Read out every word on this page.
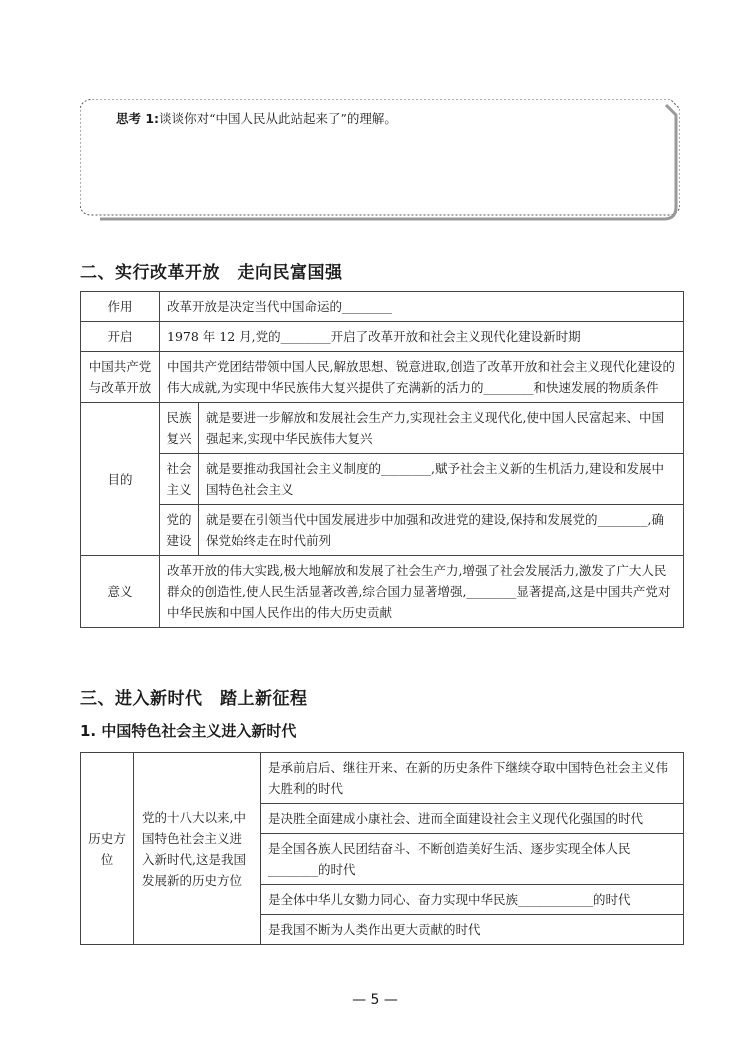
思考 1:谈谈你对“中国人民从此站起来了”的理解。
二、实行改革开放　走向民富国强
作用	改革开放是决定当代中国命运的________	
开启	1978 年 12 月,党的________开启了改革开放和社会主义现代化建设新时期	
中国共产党与改革开放	中国共产党团结带领中国人民,解放思想、锐意进取,创造了改革开放和社会主义现代化建设的伟大成就,为实现中华民族伟大复兴提供了充满新的活力的________和快速发展的物质条件	
目的	民族复兴	就是要进一步解放和发展社会生产力,实现社会主义现代化,使中国人民富起来、中国强起来,实现中华民族伟大复兴
	社会主义	就是要推动我国社会主义制度的________,赋予社会主义新的生机活力,建设和发展中国特色社会主义
	党的建设	就是要在引领当代中国发展进步中加强和改进党的建设,保持和发展党的________,确保党始终走在时代前列
意义	改革开放的伟大实践,极大地解放和发展了社会生产力,增强了社会发展活力,激发了广大人民群众的创造性,使人民生活显著改善,综合国力显著增强,________显著提高,这是中国共产党对中华民族和中国人民作出的伟大历史贡献	
三、进入新时代　踏上新征程
1. 中国特色社会主义进入新时代
历史方位	党的十八大以来,中国特色社会主义进入新时代,这是我国发展新的历史方位	是承前启后、继往开来、在新的历史条件下继续夺取中国特色社会主义伟大胜利的时代
是决胜全面建成小康社会、进而全面建设社会主义现代化强国的时代
是全国各族人民团结奋斗、不断创造美好生活、逐步实现全体人民________的时代
是全体中华儿女勠力同心、奋力实现中华民族____________的时代
是我国不断为人类作出更大贡献的时代
— 5 —
